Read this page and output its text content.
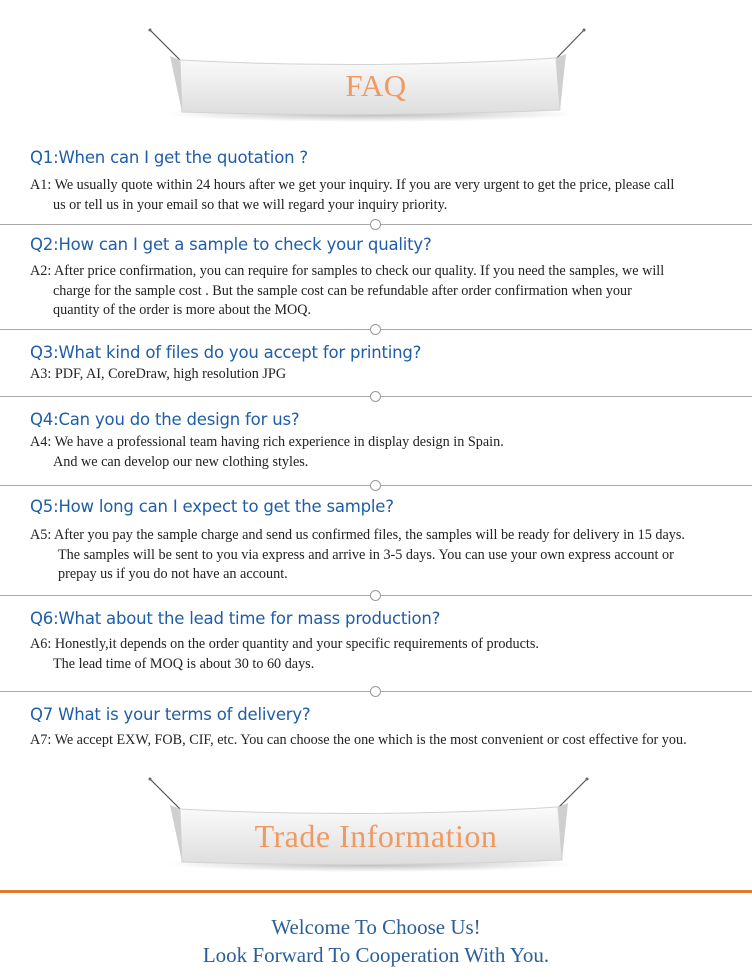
FAQ
Q1:When can I get the quotation ?
A1: We usually quote within 24 hours after we get your inquiry. If you are very urgent to get the price, please call
us or tell us in your email so that we will regard your inquiry priority.
Q2:How can I get a sample to check your quality?
A2: After price confirmation, you can require for samples to check our quality. If you need the samples, we will
charge for the sample cost . But the sample cost can be refundable after order confirmation when your
quantity of the order is more about the MOQ.
Q3:What kind of files do you accept for printing?
A3: PDF, AI, CoreDraw, high resolution JPG
Q4:Can you do the design for us?
A4: We have a professional team having rich experience in display design in Spain.
And we can develop our new clothing styles.
Q5:How long can I expect to get the sample?
A5: After you pay the sample charge and send us confirmed files, the samples will be ready for delivery in 15 days.
The samples will be sent to you via express and arrive in 3-5 days. You can use your own express account or
prepay us if you do not have an account.
Q6:What about the lead time for mass production?
A6: Honestly,it depends on the order quantity and your specific requirements of products.
The lead time of MOQ is about 30 to 60 days.
Q7 What is your terms of delivery?
A7: We accept EXW, FOB, CIF, etc. You can choose the one which is the most convenient or cost effective for you.
Trade Information
Welcome To Choose Us!
Look Forward To Cooperation With You.
